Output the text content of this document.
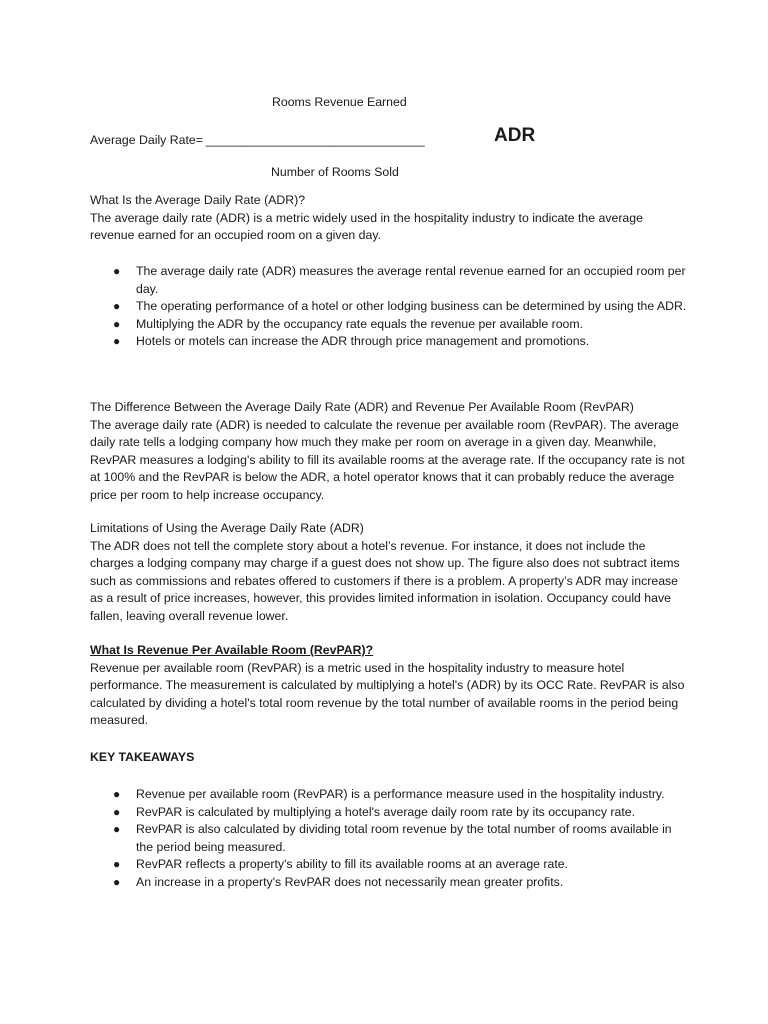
Rooms Revenue Earned
Average Daily Rate= ________________________________	ADR
Number of Rooms Sold

What Is the Average Daily Rate (ADR)?

The average daily rate (ADR) is a metric widely used in the hospitality industry to indicate the average revenue earned for an occupied room on a given day.

● The average daily rate (ADR) measures the average rental revenue earned for an occupied room per day.
● The operating performance of a hotel or other lodging business can be determined by using the ADR.
● Multiplying the ADR by the occupancy rate equals the revenue per available room.
● Hotels or motels can increase the ADR through price management and promotions.

The Difference Between the Average Daily Rate (ADR) and Revenue Per Available Room (RevPAR)

The average daily rate (ADR) is needed to calculate the revenue per available room (RevPAR). The average daily rate tells a lodging company how much they make per room on average in a given day. Meanwhile, RevPAR measures a lodging's ability to fill its available rooms at the average rate. If the occupancy rate is not at 100% and the RevPAR is below the ADR, a hotel operator knows that it can probably reduce the average price per room to help increase occupancy.

Limitations of Using the Average Daily Rate (ADR)

The ADR does not tell the complete story about a hotel’s revenue. For instance, it does not include the charges a lodging company may charge if a guest does not show up. The figure also does not subtract items such as commissions and rebates offered to customers if there is a problem. A property’s ADR may increase as a result of price increases, however, this provides limited information in isolation. Occupancy could have fallen, leaving overall revenue lower.

What Is Revenue Per Available Room (RevPAR)?

Revenue per available room (RevPAR) is a metric used in the hospitality industry to measure hotel performance. The measurement is calculated by multiplying a hotel's (ADR) by its OCC Rate. RevPAR is also calculated by dividing a hotel's total room revenue by the total number of available rooms in the period being measured.

KEY TAKEAWAYS
● Revenue per available room (RevPAR) is a performance measure used in the hospitality industry.
● RevPAR is calculated by multiplying a hotel's average daily room rate by its occupancy rate.
● RevPAR is also calculated by dividing total room revenue by the total number of rooms available in the period being measured.
● RevPAR reflects a property's ability to fill its available rooms at an average rate.
● An increase in a property's RevPAR does not necessarily mean greater profits.
